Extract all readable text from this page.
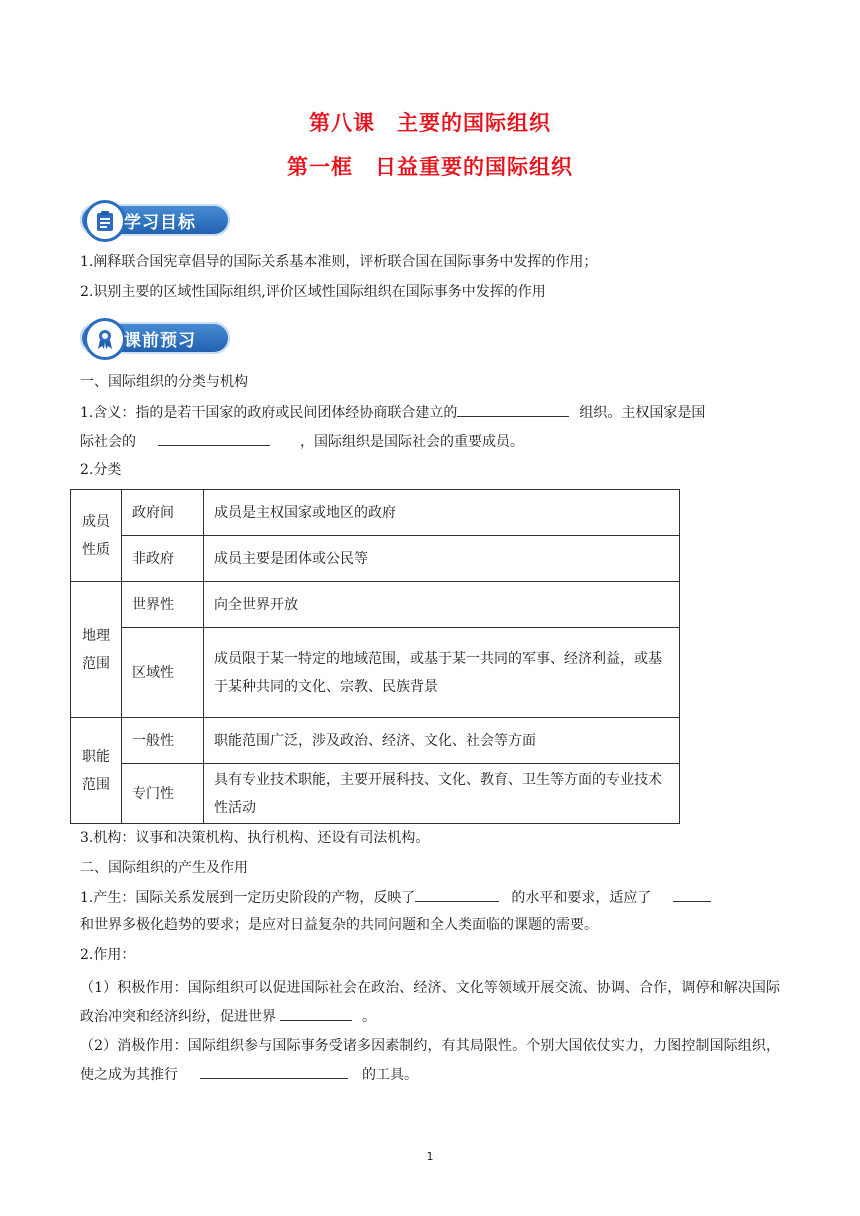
第八课　主要的国际组织
第一框　日益重要的国际组织
学习目标
1.阐释联合国宪章倡导的国际关系基本准则，评析联合国在国际事务中发挥的作用；
2.识别主要的区域性国际组织,评价区域性国际组织在国际事务中发挥的作用
课前预习
一、国际组织的分类与机构
1.含义：指的是若干国家的政府或民间团体经协商联合建立的	组织。主权国家是国
际社会的	，国际组织是国际社会的重要成员。
2.分类
成员性质	政府间	成员是主权国家或地区的政府
	非政府	成员主要是团体或公民等

地理范围	世界性	向全世界开放
	区域性	成员限于某一特定的地域范围，或基于某一共同的军事、经济利益，或基于某种共同的文化、宗教、民族背景

职能范围	一般性	职能范围广泛，涉及政治、经济、文化、社会等方面
	专门性	具有专业技术职能，主要开展科技、文化、教育、卫生等方面的专业技术性活动
3.机构：议事和决策机构、执行机构、还设有司法机构。
二、国际组织的产生及作用
1.产生：国际关系发展到一定历史阶段的产物，反映了	的水平和要求，适应了
和世界多极化趋势的要求；是应对日益复杂的共同问题和全人类面临的课题的需要。
2.作用：
（1）积极作用：国际组织可以促进国际社会在政治、经济、文化等领域开展交流、协调、合作，调停和解决国际政治冲突和经济纠纷，促进世界	。
（2）消极作用：国际组织参与国际事务受诸多因素制约，有其局限性。个别大国依仗实力，力图控制国际组织，使之成为其推行	的工具。
1
